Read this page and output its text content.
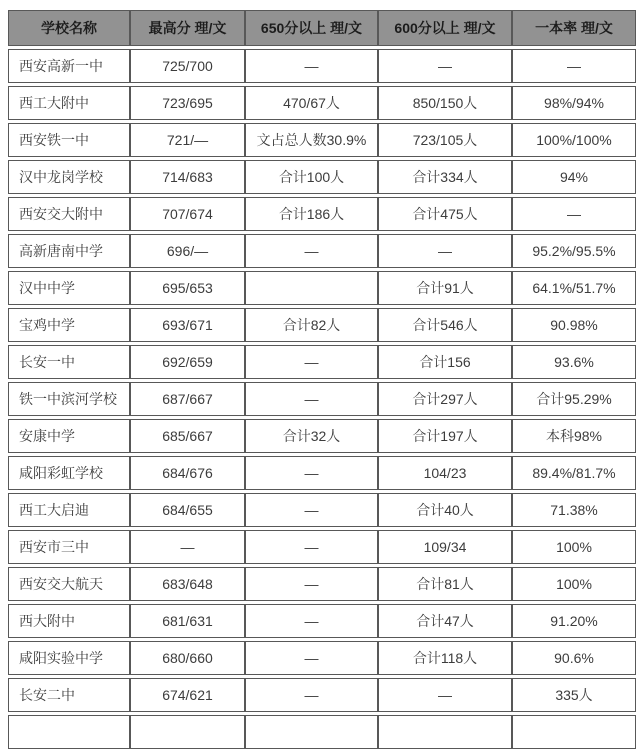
学校名称	最高分 理/文	650分以上 理/文	600分以上 理/文	一本率 理/文
西安高新一中	725/700	—	—	—
西工大附中	723/695	470/67人	850/150人	98%/94%
西安铁一中	721/—	文占总人数30.9%	723/105人	100%/100%
汉中龙岗学校	714/683	合计100人	合计334人	94%
西安交大附中	707/674	合计186人	合计475人	—
高新唐南中学	696/—	—	—	95.2%/95.5%
汉中中学	695/653		合计91人	64.1%/51.7%
宝鸡中学	693/671	合计82人	合计546人	90.98%
长安一中	692/659	—	合计156	93.6%
铁一中滨河学校	687/667	—	合计297人	合计95.29%
安康中学	685/667	合计32人	合计197人	本科98%
咸阳彩虹学校	684/676	—	104/23	89.4%/81.7%
西工大启迪	684/655	—	合计40人	71.38%
西安市三中	—	—	109/34	100%
西安交大航天	683/648	—	合计81人	100%
西大附中	681/631	—	合计47人	91.20%
咸阳实验中学	680/660	—	合计118人	90.6%
长安二中	674/621	—	—	335人
